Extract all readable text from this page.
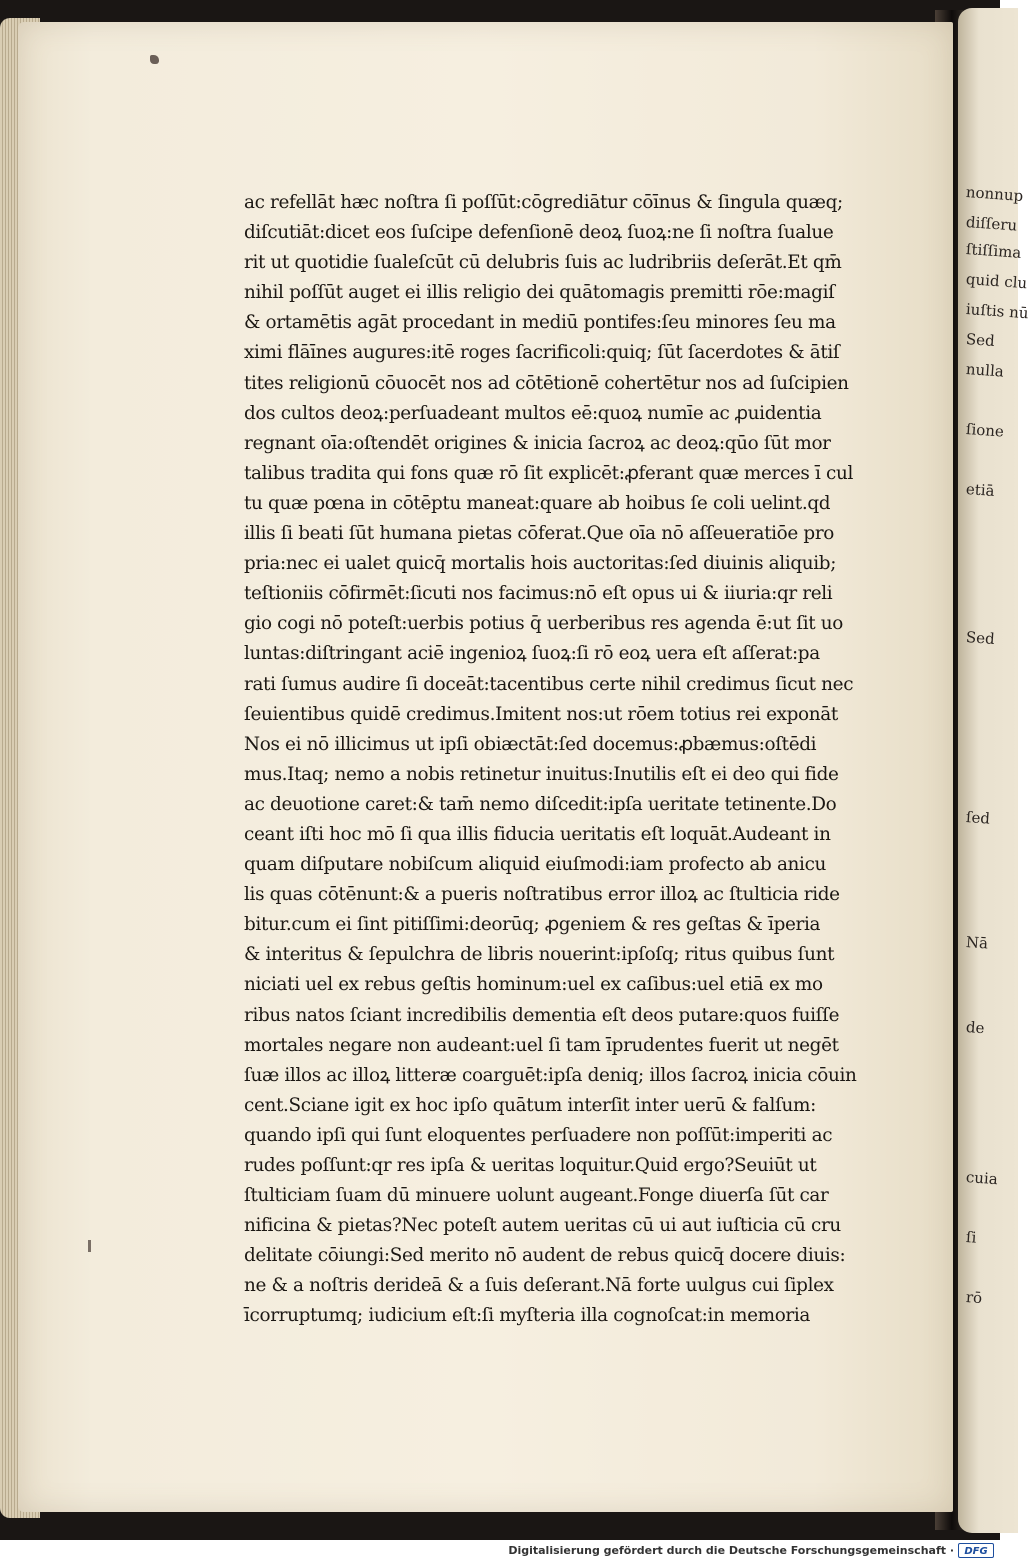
nonnup
diſſeru
ſtiſſima
quid clu
iuſtis nū
Sed
nulla
ſione
etiā
Sed
ſed
Nā
de
cuia
ſi
rō
ac refellāt hæc noſtra ſi poſſūt:cōgrediātur cōīnus & ſingula quæq;
diſcutiāt:dicet eos ſuſcipe defenſionē deoꝝ ſuoꝝ:ne ſi noſtra ſualue
rit ut quotidie ſualeſcūt cū delubris ſuis ac ludribriis deſerāt.Et qm̄
nihil poſſūt auget ei illis religio dei quātomagis premitti rōe:magiſ
& ortamētis agāt procedant in mediū pontifes:ſeu minores ſeu ma
ximi flāīnes augures:itē roges ſacrificoli:quiq; ſūt ſacerdotes & ātiſ
tites religionū cōuocēt nos ad cōtētionē cohertētur nos ad ſuſcipien
dos cultos deoꝝ:perſuadeant multos eē:quoꝝ numīe ac ꝓuidentia
regnant oīa:oſtendēt origines & inicia ſacroꝝ ac deoꝝ:qūo ſūt mor
talibus tradita qui fons quæ rō ſit explicēt:ꝓferant quæ merces ī cul
tu quæ pœna in cōtēptu maneat:quare ab hoibus ſe coli uelint.qd
illis ſi beati ſūt humana pietas cōferat.Que oīa nō aſſeueratiōe pro
pria:nec ei ualet quicq̄ mortalis hois auctoritas:ſed diuinis aliquib;
teſtioniis cōfirmēt:ſicuti nos facimus:nō eſt opus ui & iiuria:qr reli
gio cogi nō poteſt:uerbis potius q̄ uerberibus res agenda ē:ut ſit uo
luntas:diſtringant aciē ingenioꝝ ſuoꝝ:ſi rō eoꝝ uera eſt aſſerat:pa
rati ſumus audire ſi doceāt:tacentibus certe nihil credimus ſicut nec
ſeuientibus quidē credimus.Imitent nos:ut rōem totius rei exponāt
Nos ei nō illicimus ut ipſi obiæctāt:ſed docemus:ꝓbæmus:oſtēdi
mus.Itaq; nemo a nobis retinetur inuitus:Inutilis eſt ei deo qui fide
ac deuotione caret:& tam̄ nemo diſcedit:ipſa ueritate tetinente.Do
ceant iſti hoc mō ſi qua illis fiducia ueritatis eſt loquāt.Audeant in
quam diſputare nobiſcum aliquid eiuſmodi:iam profecto ab anicu
lis quas cōtēnunt:& a pueris noſtratibus error illoꝝ ac ſtulticia ride
bitur.cum ei ſint pitiſſimi:deorūq; ꝓgeniem & res geſtas & īperia
& interitus & ſepulchra de libris nouerint:ipſoſq; ritus quibus ſunt
niciati uel ex rebus geſtis hominum:uel ex caſibus:uel etiā ex mo
ribus natos ſciant incredibilis dementia eſt deos putare:quos fuiſſe
mortales negare non audeant:uel ſi tam īprudentes fuerit ut negēt
ſuæ illos ac illoꝝ litteræ coarguēt:ipſa deniq; illos ſacroꝝ inicia cōuin
cent.Sciane igit ex hoc ipſo quātum interſit inter uerū & falſum:
quando ipſi qui ſunt eloquentes perſuadere non poſſūt:imperiti ac
rudes poſſunt:qr res ipſa & ueritas loquitur.Quid ergo?Seuiūt ut
ſtulticiam ſuam dū minuere uolunt augeant.Fonge diuerſa ſūt car
nificina & pietas?Nec poteſt autem ueritas cū ui aut iuſticia cū cru
delitate cōiungi:Sed merito nō audent de rebus quicq̄ docere diuis:
ne & a noſtris derideā & a ſuis deſerant.Nā forte uulgus cui ſiplex
īcorruptumq; iudicium eſt:ſi myſteria illa cognoſcat:in memoria
Digitalisierung gefördert durch die Deutsche Forschungsgemeinschaft ·	DFG
